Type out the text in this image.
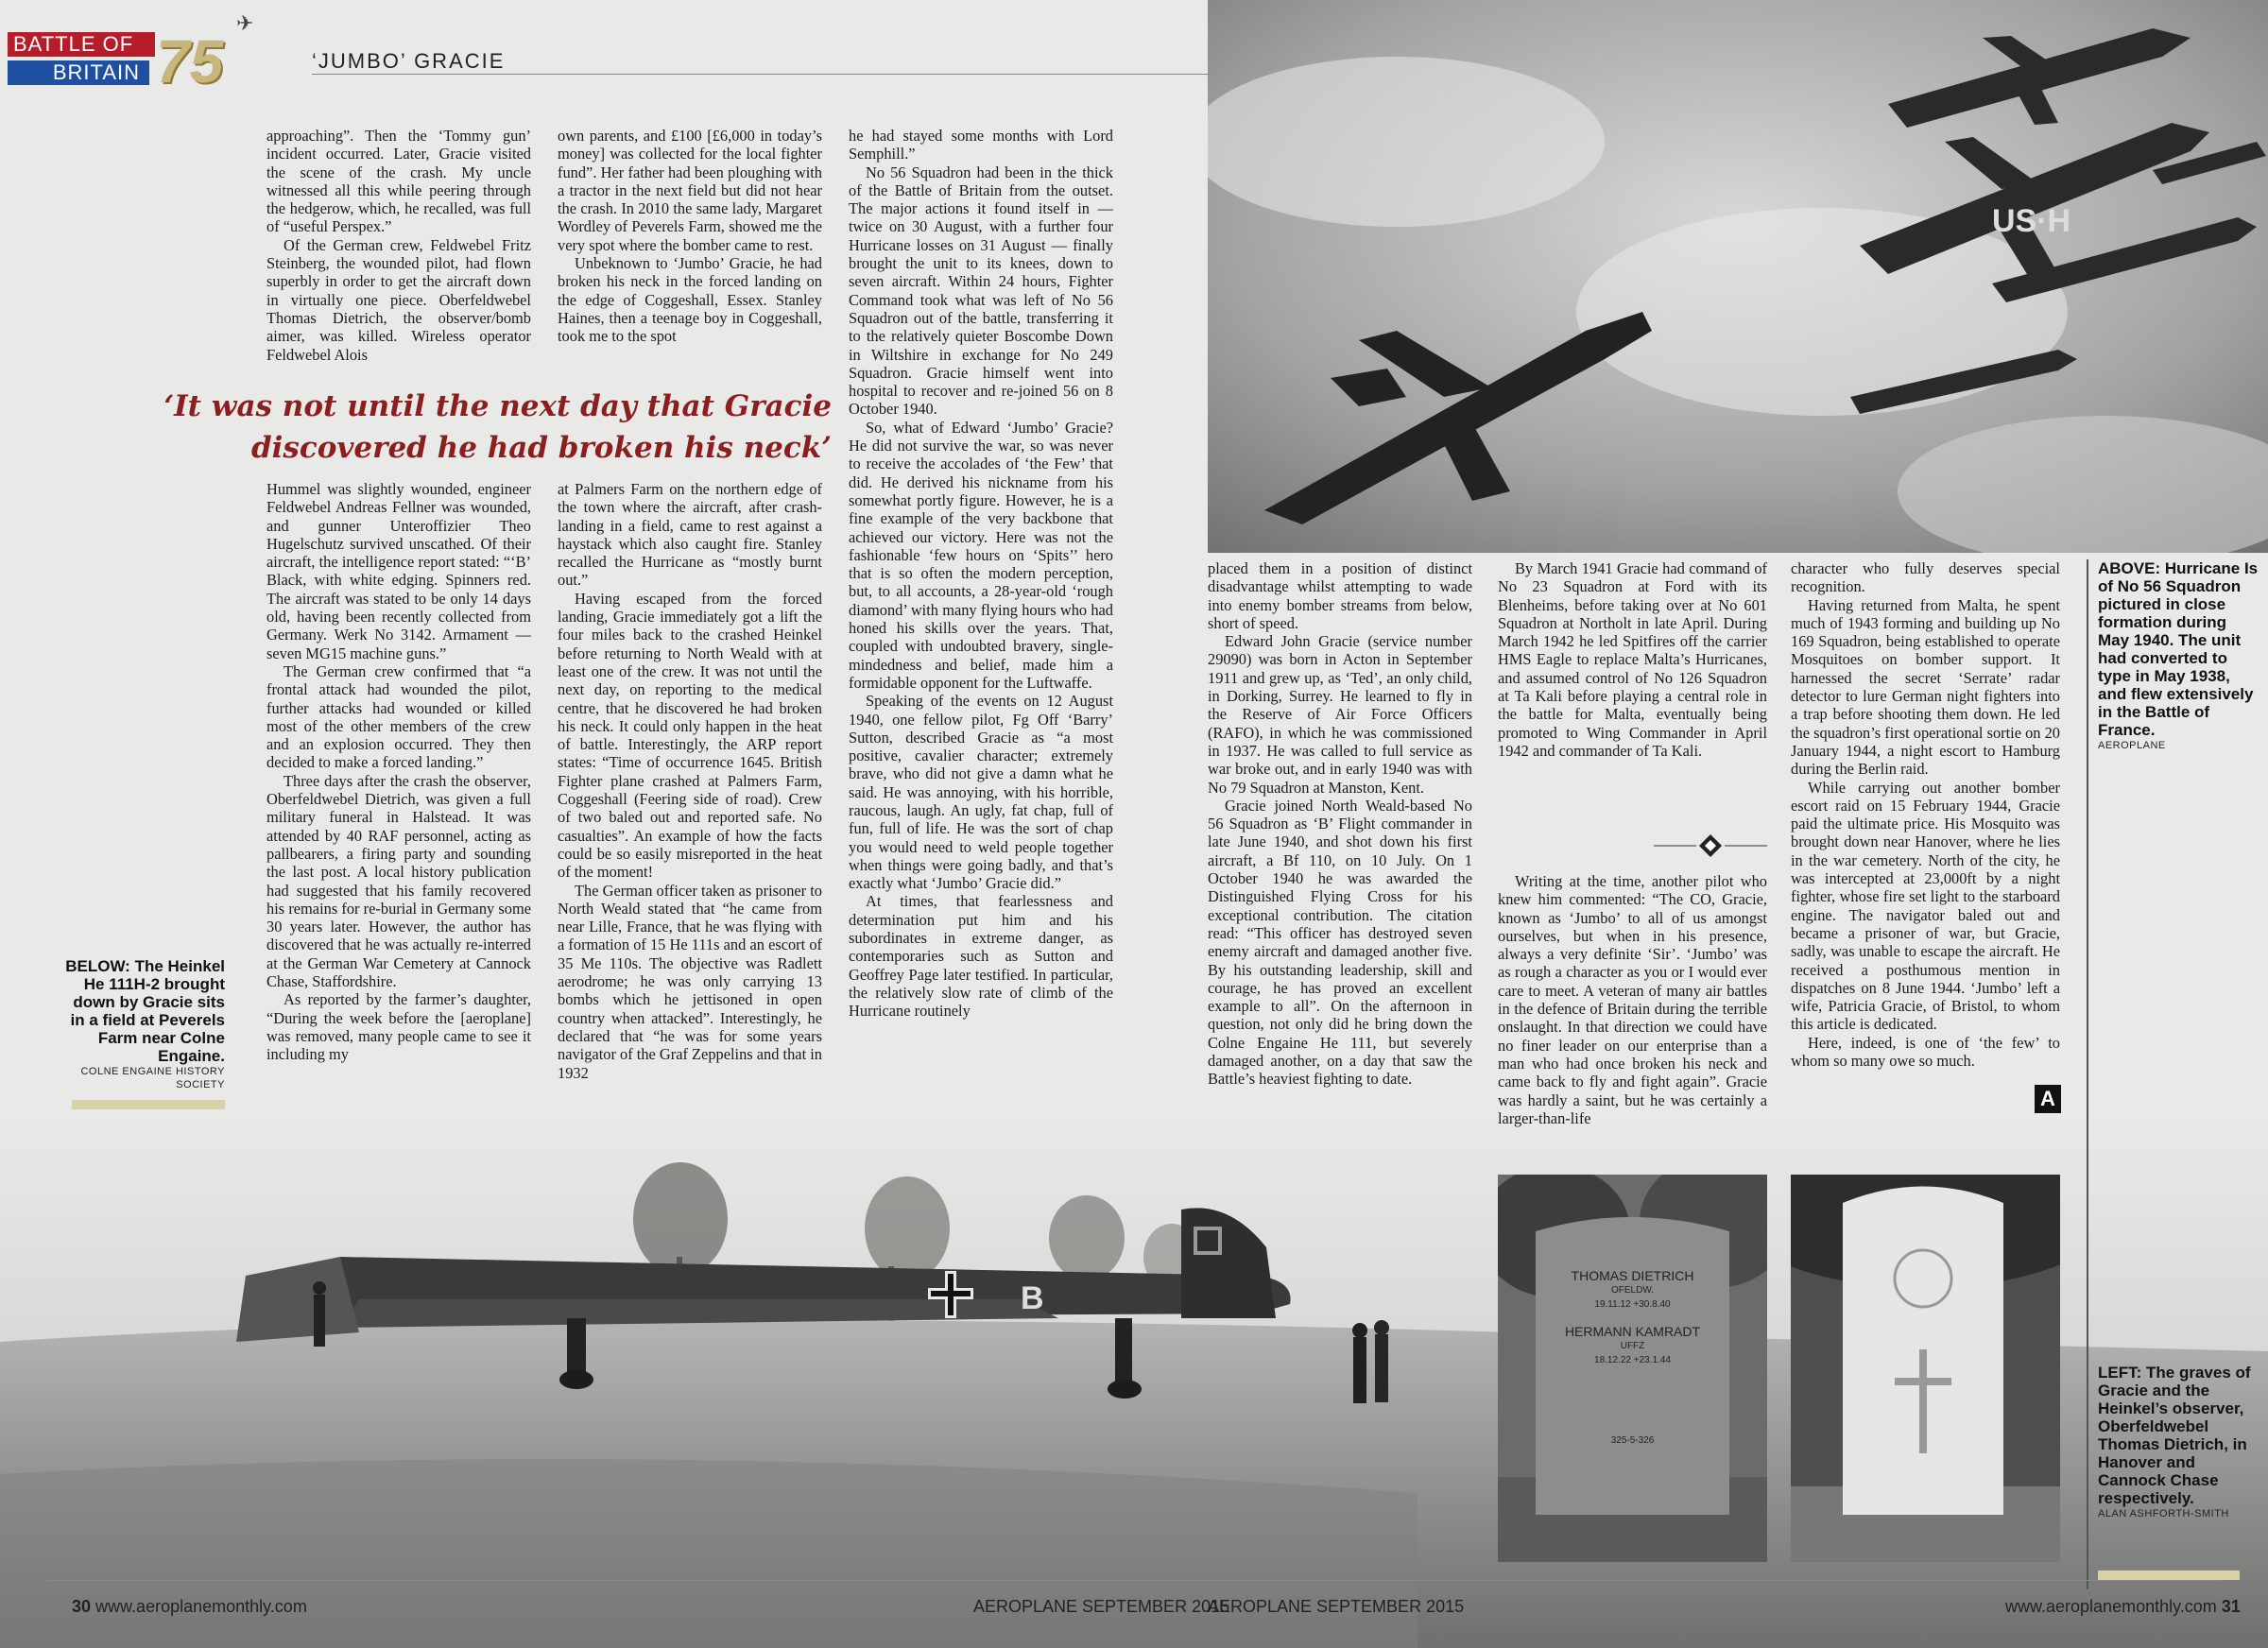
B
US·H
THOMAS DIETRICH
OFELDW.
19.11.12 +30.8.40
HERMANN KAMRADT
UFFZ
18.12.22 +23.1.44
325-5-326
BATTLE OF
BRITAIN 75
✈
‘JUMBO’ GRACIE

approaching”. Then the ‘Tommy gun’ incident occurred. Later, Gracie visited the scene of the crash. My uncle witnessed all this while peering through the hedgerow, which, he recalled, was full of “useful Perspex.”

Of the German crew, Feldwebel Fritz Steinberg, the wounded pilot, had flown superbly in order to get the aircraft down in virtually one piece. Oberfeldwebel Thomas Dietrich, the observer/bomb aimer, was killed. Wireless operator Feldwebel Alois

own parents, and £100 [£6,000 in today’s money] was collected for the local fighter fund”. Her father had been ploughing with a tractor in the next field but did not hear the crash. In 2010 the same lady, Margaret Wordley of Peverels Farm, showed me the very spot where the bomber came to rest.

Unbeknown to ‘Jumbo’ Gracie, he had broken his neck in the forced landing on the edge of Coggeshall, Essex. Stanley Haines, then a teenage boy in Coggeshall, took me to the spot

he had stayed some months with Lord Semphill.”

No 56 Squadron had been in the thick of the Battle of Britain from the outset. The major actions it found itself in — twice on 30 August, with a further four Hurricane losses on 31 August — finally brought the unit to its knees, down to seven aircraft. Within 24 hours, Fighter Command took what was left of No 56 Squadron out of the battle, transferring it to the relatively quieter Boscombe Down in Wiltshire in exchange for No 249 Squadron. Gracie himself went into hospital to recover and re-joined 56 on 8 October 1940.

So, what of Edward ‘Jumbo’ Gracie? He did not survive the war, so was never to receive the accolades of ‘the Few’ that did. He derived his nickname from his somewhat portly figure. However, he is a fine example of the very backbone that achieved our victory. Here was not the fashionable ‘few hours on ‘Spits’’ hero that is so often the modern perception, but, to all accounts, a 28-year-old ‘rough diamond’ with many flying hours who had honed his skills over the years. That, coupled with undoubted bravery, single-mindedness and belief, made him a formidable opponent for the Luftwaffe.

Speaking of the events on 12 August 1940, one fellow pilot, Fg Off ‘Barry’ Sutton, described Gracie as “a most positive, cavalier character; extremely brave, who did not give a damn what he said. He was annoying, with his horrible, raucous, laugh. An ugly, fat chap, full of fun, full of life. He was the sort of chap you would need to weld people together when things were going badly, and that’s exactly what ‘Jumbo’ Gracie did.”

At times, that fearlessness and determination put him and his subordinates in extreme danger, as contemporaries such as Sutton and Geoffrey Page later testified. In particular, the relatively slow rate of climb of the Hurricane routinely

‘It was not until the next day that Gracie discovered he had broken his neck’

Hummel was slightly wounded, engineer Feldwebel Andreas Fellner was wounded, and gunner Unteroffizier Theo Hugelschutz survived unscathed. Of their aircraft, the intelligence report stated: “‘B’ Black, with white edging. Spinners red. The aircraft was stated to be only 14 days old, having been recently collected from Germany. Werk No 3142. Armament — seven MG15 machine guns.”

The German crew confirmed that “a frontal attack had wounded the pilot, further attacks had wounded or killed most of the other members of the crew and an explosion occurred. They then decided to make a forced landing.”

Three days after the crash the observer, Oberfeldwebel Dietrich, was given a full military funeral in Halstead. It was attended by 40 RAF personnel, acting as pallbearers, a firing party and sounding the last post. A local history publication had suggested that his family recovered his remains for re-burial in Germany some 30 years later. However, the author has discovered that he was actually re-interred at the German War Cemetery at Cannock Chase, Staffordshire.

As reported by the farmer’s daughter, “During the week before the [aeroplane] was removed, many people came to see it including my

at Palmers Farm on the northern edge of the town where the aircraft, after crash-landing in a field, came to rest against a haystack which also caught fire. Stanley recalled the Hurricane as “mostly burnt out.”

Having escaped from the forced landing, Gracie immediately got a lift the four miles back to the crashed Heinkel before returning to North Weald with at least one of the crew. It was not until the next day, on reporting to the medical centre, that he discovered he had broken his neck. It could only happen in the heat of battle. Interestingly, the ARP report states: “Time of occurrence 1645. British Fighter plane crashed at Palmers Farm, Coggeshall (Feering side of road). Crew of two baled out and reported safe. No casualties”. An example of how the facts could be so easily misreported in the heat of the moment!

The German officer taken as prisoner to North Weald stated that “he came from near Lille, France, that he was flying with a formation of 15 He 111s and an escort of 35 Me 110s. The objective was Radlett aerodrome; he was only carrying 13 bombs which he jettisoned in open country when attacked”. Interestingly, he declared that “he was for some years navigator of the Graf Zeppelins and that in 1932

placed them in a position of distinct disadvantage whilst attempting to wade into enemy bomber streams from below, short of speed.

Edward John Gracie (service number 29090) was born in Acton in September 1911 and grew up, as ‘Ted’, an only child, in Dorking, Surrey. He learned to fly in the Reserve of Air Force Officers (RAFO), in which he was commissioned in 1937. He was called to full service as war broke out, and in early 1940 was with No 79 Squadron at Manston, Kent.

Gracie joined North Weald-based No 56 Squadron as ‘B’ Flight commander in late June 1940, and shot down his first aircraft, a Bf 110, on 10 July. On 1 October 1940 he was awarded the Distinguished Flying Cross for his exceptional contribution. The citation read: “This officer has destroyed seven enemy aircraft and damaged another five. By his outstanding leadership, skill and courage, he has proved an excellent example to all”. On the afternoon in question, not only did he bring down the Colne Engaine He 111, but severely damaged another, on a day that saw the Battle’s heaviest fighting to date.

By March 1941 Gracie had command of No 23 Squadron at Ford with its Blenheims, before taking over at No 601 Squadron at Northolt in late April. During March 1942 he led Spitfires off the carrier HMS Eagle to replace Malta’s Hurricanes, and assumed control of No 126 Squadron at Ta Kali before playing a central role in the battle for Malta, eventually being promoted to Wing Commander in April 1942 and commander of Ta Kali.

Writing at the time, another pilot who knew him commented: “The CO, Gracie, known as ‘Jumbo’ to all of us amongst ourselves, but when in his presence, always a very definite ‘Sir’. ‘Jumbo’ was as rough a character as you or I would ever care to meet. A veteran of many air battles in the defence of Britain during the terrible onslaught. In that direction we could have no finer leader on our enterprise than a man who had once broken his neck and came back to fly and fight again”. Gracie was hardly a saint, but he was certainly a larger-than-life

character who fully deserves special recognition.

Having returned from Malta, he spent much of 1943 forming and building up No 169 Squadron, being established to operate Mosquitoes on bomber support. It harnessed the secret ‘Serrate’ radar detector to lure German night fighters into a trap before shooting them down. He led the squadron’s first operational sortie on 20 January 1944, a night escort to Hamburg during the Berlin raid.

While carrying out another bomber escort raid on 15 February 1944, Gracie paid the ultimate price. His Mosquito was brought down near Hanover, where he lies in the war cemetery. North of the city, he was intercepted at 23,000ft by a night fighter, whose fire set light to the starboard engine. The navigator baled out and became a prisoner of war, but Gracie, sadly, was unable to escape the aircraft. He received a posthumous mention in dispatches on 8 June 1944. ‘Jumbo’ left a wife, Patricia Gracie, of Bristol, to whom this article is dedicated.

Here, indeed, is one of ‘the few’ to whom so many owe so much.

A
BELOW: The Heinkel He 111H-2 brought down by Gracie sits in a field at Peverels Farm near Colne Engaine.
COLNE ENGAINE HISTORY SOCIETY
ABOVE: Hurricane Is of No 56 Squadron pictured in close formation during May 1940. The unit had converted to type in May 1938, and flew extensively in the Battle of France.
AEROPLANE
LEFT: The graves of Gracie and the Heinkel’s observer, Oberfeldwebel Thomas Dietrich, in Hanover and Cannock Chase respectively.
ALAN ASHFORTH-SMITH
30 www.aeroplanemonthly.com	AEROPLANE SEPTEMBER 2015
AEROPLANE SEPTEMBER 2015	www.aeroplanemonthly.com 31
